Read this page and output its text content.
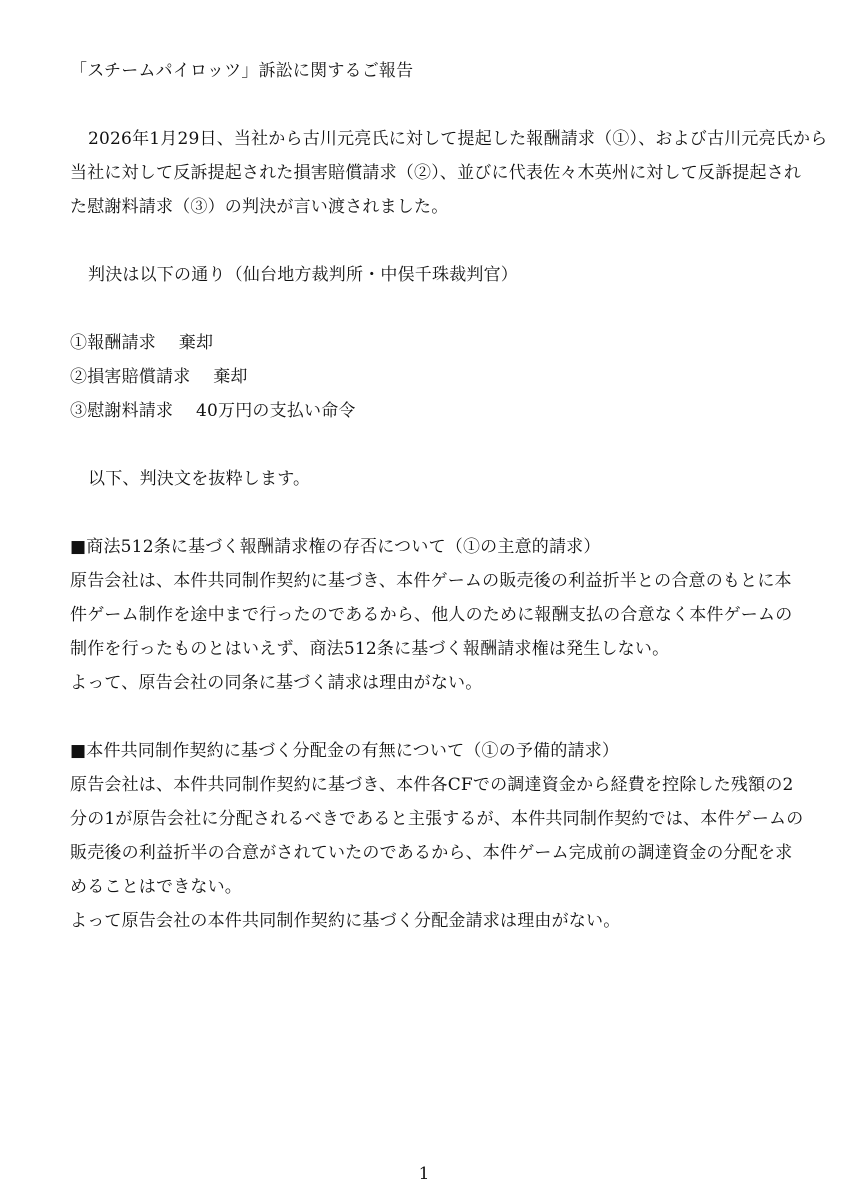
「スチームパイロッツ」訴訟に関するご報告
2026年1月29日、当社から古川元亮氏に対して提起した報酬請求（①）、および古川元亮氏から
当社に対して反訴提起された損害賠償請求（②）、並びに代表佐々木英州に対して反訴提起され
た慰謝料請求（③）の判決が言い渡されました。
判決は以下の通り（仙台地方裁判所・中俣千珠裁判官）
①報酬請求　 棄却
②損害賠償請求　 棄却
③慰謝料請求　 40万円の支払い命令
以下、判決文を抜粋します。
■商法512条に基づく報酬請求権の存否について（①の主意的請求）
原告会社は、本件共同制作契約に基づき、本件ゲームの販売後の利益折半との合意のもとに本
件ゲーム制作を途中まで行ったのであるから、他人のために報酬支払の合意なく本件ゲームの
制作を行ったものとはいえず、商法512条に基づく報酬請求権は発生しない。
よって、原告会社の同条に基づく請求は理由がない。
■本件共同制作契約に基づく分配金の有無について（①の予備的請求）
原告会社は、本件共同制作契約に基づき、本件各CFでの調達資金から経費を控除した残額の2
分の1が原告会社に分配されるべきであると主張するが、本件共同制作契約では、本件ゲームの
販売後の利益折半の合意がされていたのであるから、本件ゲーム完成前の調達資金の分配を求
めることはできない。
よって原告会社の本件共同制作契約に基づく分配金請求は理由がない。
1
